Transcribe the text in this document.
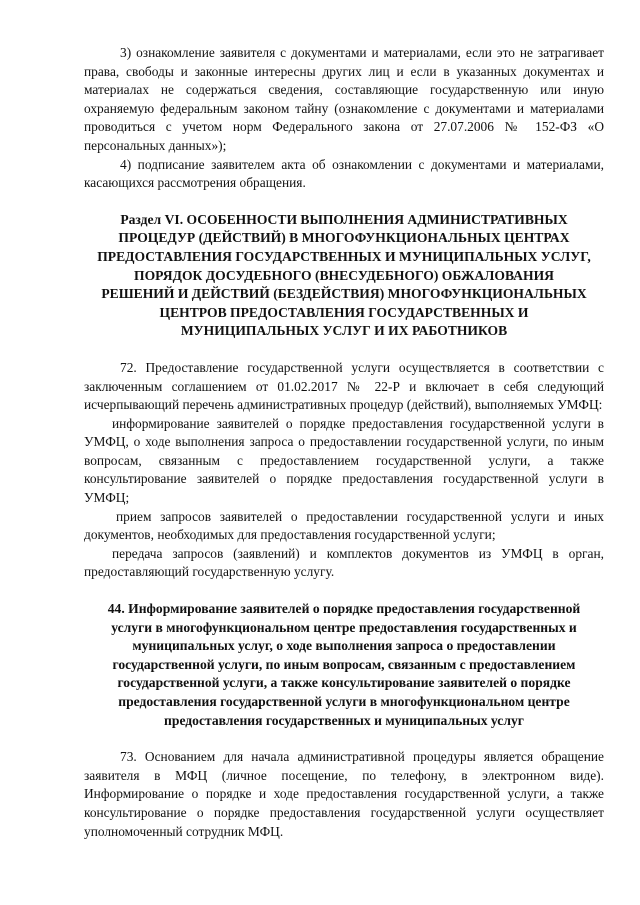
3) ознакомление заявителя с документами и материалами, если это не затрагивает права, свободы и законные интересны других лиц и если в указанных документах и материалах не содержаться сведения, составляющие государственную или иную охраняемую федеральным законом тайну (ознакомление с документами и материалами проводиться с учетом норм Федерального закона от 27.07.2006 № 152-ФЗ «О персональных данных»);

4) подписание заявителем акта об ознакомлении с документами и материалами, касающихся рассмотрения обращения.

Раздел VI. ОСОБЕННОСТИ ВЫПОЛНЕНИЯ АДМИНИСТРАТИВНЫХ ПРОЦЕДУР (ДЕЙСТВИЙ) В МНОГОФУНКЦИОНАЛЬНЫХ ЦЕНТРАХ ПРЕДОСТАВЛЕНИЯ ГОСУДАРСТВЕННЫХ И МУНИЦИПАЛЬНЫХ УСЛУГ, ПОРЯДОК ДОСУДЕБНОГО (ВНЕСУДЕБНОГО) ОБЖАЛОВАНИЯ РЕШЕНИЙ И ДЕЙСТВИЙ (БЕЗДЕЙСТВИЯ) МНОГОФУНКЦИОНАЛЬНЫХ ЦЕНТРОВ ПРЕДОСТАВЛЕНИЯ ГОСУДАРСТВЕННЫХ И МУНИЦИПАЛЬНЫХ УСЛУГ И ИХ РАБОТНИКОВ

72. Предоставление государственной услуги осуществляется в соответствии с заключенным соглашением от 01.02.2017 № 22-Р и включает в себя следующий исчерпывающий перечень административных процедур (действий), выполняемых УМФЦ:

информирование заявителей о порядке предоставления государственной услуги в УМФЦ, о ходе выполнения запроса о предоставлении государственной услуги, по иным вопросам, связанным с предоставлением государственной услуги, а также консультирование заявителей о порядке предоставления государственной услуги в УМФЦ;

прием запросов заявителей о предоставлении государственной услуги и иных документов, необходимых для предоставления государственной услуги;

передача запросов (заявлений) и комплектов документов из УМФЦ в орган, предоставляющий государственную услугу.

44. Информирование заявителей о порядке предоставления государственной услуги в многофункциональном центре предоставления государственных и муниципальных услуг, о ходе выполнения запроса о предоставлении государственной услуги, по иным вопросам, связанным с предоставлением государственной услуги, а также консультирование заявителей о порядке предоставления государственной услуги в многофункциональном центре предоставления государственных и муниципальных услуг

73. Основанием для начала административной процедуры является обращение заявителя в МФЦ (личное посещение, по телефону, в электронном виде). Информирование о порядке и ходе предоставления государственной услуги, а также консультирование о порядке предоставления государственной услуги осуществляет уполномоченный сотрудник МФЦ.
